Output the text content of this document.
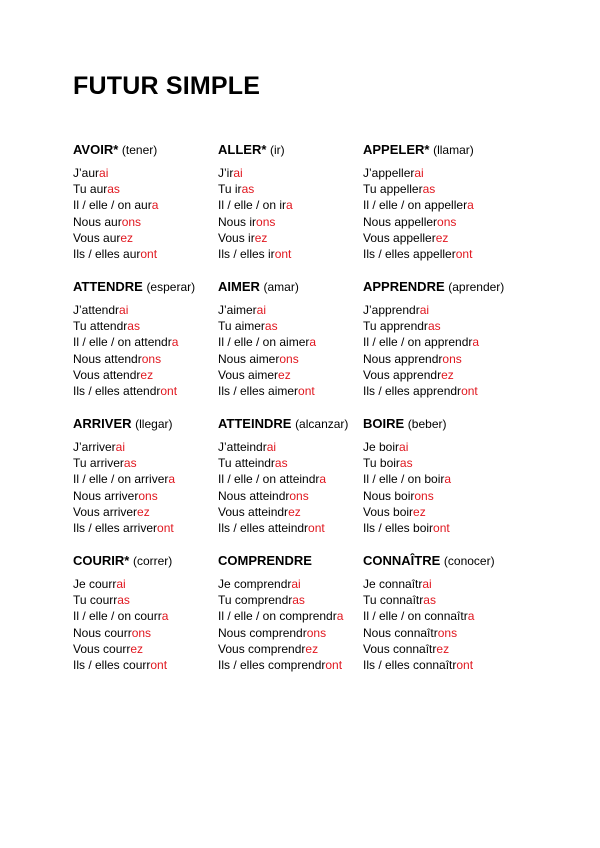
FUTUR SIMPLE
AVOIR* (tener)
J’aurai
Tu auras
Il / elle / on aura
Nous aurons
Vous aurez
Ils / elles auront
ALLER* (ir)
J’irai
Tu iras
Il / elle / on ira
Nous irons
Vous irez
Ils / elles iront
APPELER* (llamar)
J’appellerai
Tu appelleras
Il / elle / on appellera
Nous appellerons
Vous appellerez
Ils / elles appelleront
ATTENDRE (esperar)
J’attendrai
Tu attendras
Il / elle / on attendra
Nous attendrons
Vous attendrez
Ils / elles attendront
AIMER (amar)
J’aimerai
Tu aimeras
Il / elle / on aimera
Nous aimerons
Vous aimerez
Ils / elles aimeront
APPRENDRE (aprender)
J’apprendrai
Tu apprendras
Il / elle / on apprendra
Nous apprendrons
Vous apprendrez
Ils / elles apprendront
ARRIVER (llegar)
J’arriverai
Tu arriveras
Il / elle / on arrivera
Nous arriverons
Vous arriverez
Ils / elles arriveront
ATTEINDRE (alcanzar)
J’atteindrai
Tu atteindras
Il / elle / on atteindra
Nous atteindrons
Vous atteindrez
Ils / elles atteindront
BOIRE (beber)
Je boirai
Tu boiras
Il / elle / on boira
Nous boirons
Vous boirez
Ils / elles boiront
COURIR* (correr)
Je courrai
Tu courras
Il / elle / on courra
Nous courrons
Vous courrez
Ils / elles courront
COMPRENDRE
Je comprendrai
Tu comprendras
Il / elle / on comprendra
Nous comprendrons
Vous comprendrez
Ils / elles comprendront
CONNAÎTRE (conocer)
Je connaîtrai
Tu connaîtras
Il / elle / on connaîtra
Nous connaîtrons
Vous connaîtrez
Ils / elles connaîtront
